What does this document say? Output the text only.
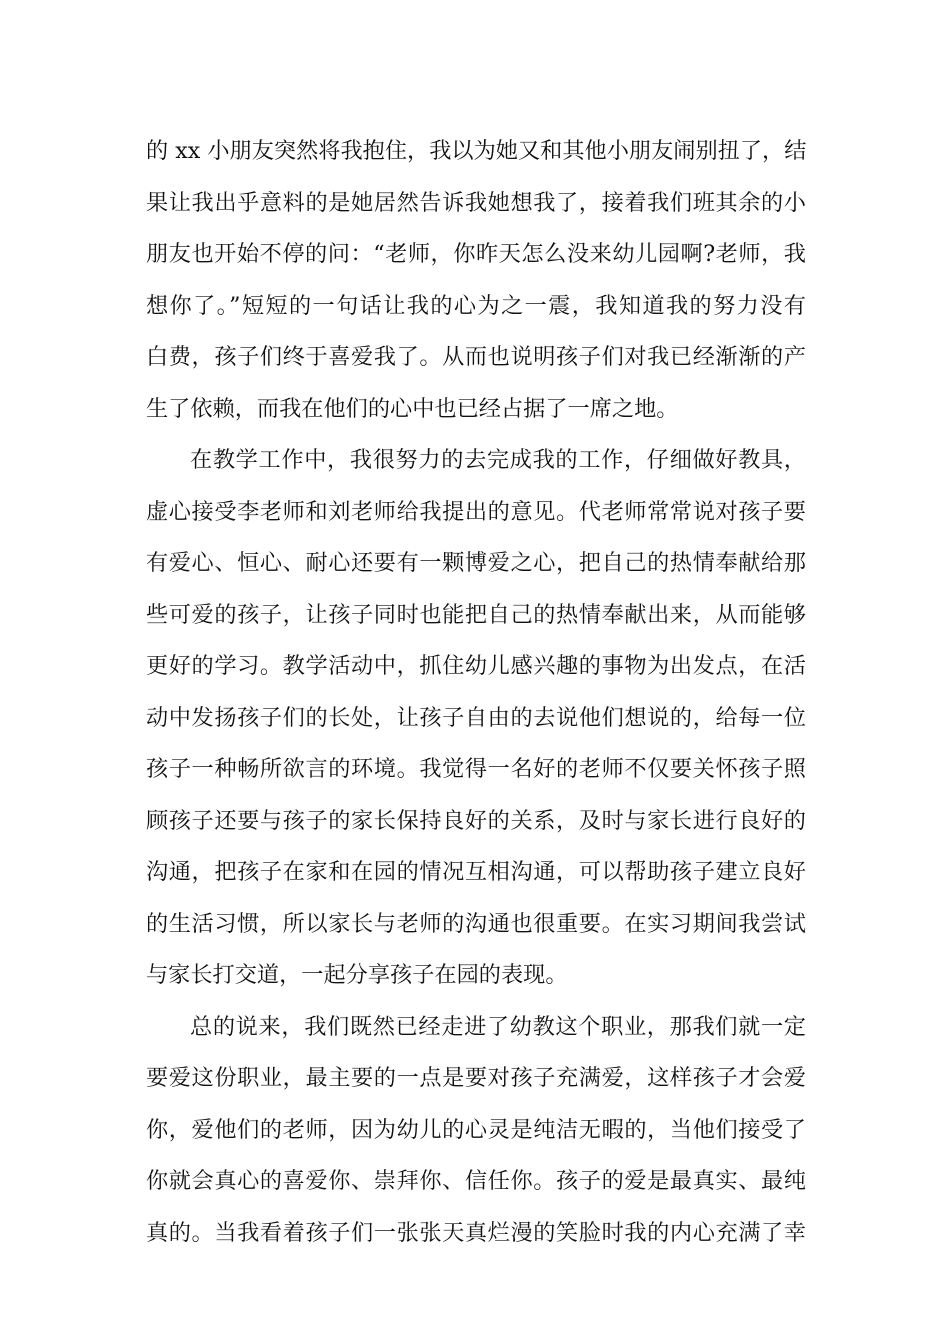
的 xx 小朋友突然将我抱住，我以为她又和其他小朋友闹别扭了，结
果让我出乎意料的是她居然告诉我她想我了，接着我们班其余的小
朋友也开始不停的问：“老师，你昨天怎么没来幼儿园啊?老师，我
想你了。”短短的一句话让我的心为之一震，我知道我的努力没有
白费，孩子们终于喜爱我了。从而也说明孩子们对我已经渐渐的产
生了依赖，而我在他们的心中也已经占据了一席之地。
在教学工作中，我很努力的去完成我的工作，仔细做好教具，
虚心接受李老师和刘老师给我提出的意见。代老师常常说对孩子要
有爱心、恒心、耐心还要有一颗博爱之心，把自己的热情奉献给那
些可爱的孩子，让孩子同时也能把自己的热情奉献出来，从而能够
更好的学习。教学活动中，抓住幼儿感兴趣的事物为出发点，在活
动中发扬孩子们的长处，让孩子自由的去说他们想说的，给每一位
孩子一种畅所欲言的环境。我觉得一名好的老师不仅要关怀孩子照
顾孩子还要与孩子的家长保持良好的关系，及时与家长进行良好的
沟通，把孩子在家和在园的情况互相沟通，可以帮助孩子建立良好
的生活习惯，所以家长与老师的沟通也很重要。在实习期间我尝试
与家长打交道，一起分享孩子在园的表现。
总的说来，我们既然已经走进了幼教这个职业，那我们就一定
要爱这份职业，最主要的一点是要对孩子充满爱，这样孩子才会爱
你，爱他们的老师，因为幼儿的心灵是纯洁无暇的，当他们接受了
你就会真心的喜爱你、崇拜你、信任你。孩子的爱是最真实、最纯
真的。当我看着孩子们一张张天真烂漫的笑脸时我的内心充满了幸
